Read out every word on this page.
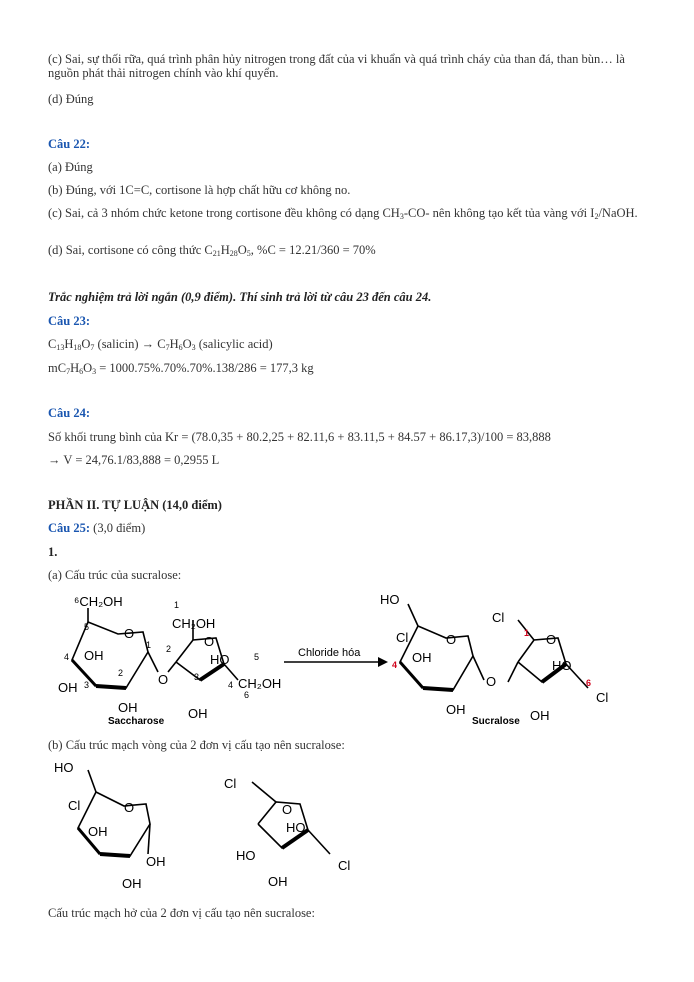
(c) Sai, sự thối rữa, quá trình phân hủy nitrogen trong đất của vi khuẩn và quá trình cháy của than đá, than bùn… là nguồn phát thải nitrogen chính vào khí quyển.

(d) Đúng

Câu 22:

(a) Đúng

(b) Đúng, với 1C=C, cortisone là hợp chất hữu cơ không no.

(c) Sai, cả 3 nhóm chức ketone trong cortisone đều không có dạng $CH_3-CO-$ nên không tạo kết tủa vàng với $I_2$/NaOH.

(d) Sai, cortisone có công thức $C_{21}H_{28}O_5$, %C = 12.21/360 = 70%

Trắc nghiệm trả lời ngắn (0,9 điểm). Thí sinh trả lời từ câu 23 đến câu 24.

Câu 23:

$C_{13}H_{18}O_7$ (salicin) → $C_7H_6O_3$ (salicylic acid)

$mC_7H_6O_3 = 1000.75\%.70\%.70\%.138/286 = 177,3$ kg

Câu 24:

Số khối trung bình của Kr = (78.0,35 + 80.2,25 + 82.11,6 + 83.11,5 + 84.57 + 86.17,3)/100 = 83,888

→ V = 24,76.1/83,888 = 0,2955 L

PHẦN II. TỰ LUẬN (14,0 điểm)

Câu 25: (3,0 điểm)

1.

(a) Cấu trúc của sucralose:

⁶CH₂OH
O
OH
OH
OH
O
CH₂OH
O
HO
CH₂OH
OH
Saccharose
Chloride hóa
HO
Cl	O
OH
OH
O
Cl
O
HO
Cl
OH
Sucralose
5
4
3
2
1
1
2
3
4
5
6
4
1
6

(b) Cấu trúc mạch vòng của 2 đơn vị cấu tạo nên sucralose:

HO
Cl	O
OH
OH
OH
Cl
O
HO
HO
Cl
OH

Cấu trúc mạch hở của 2 đơn vị cấu tạo nên sucralose:
